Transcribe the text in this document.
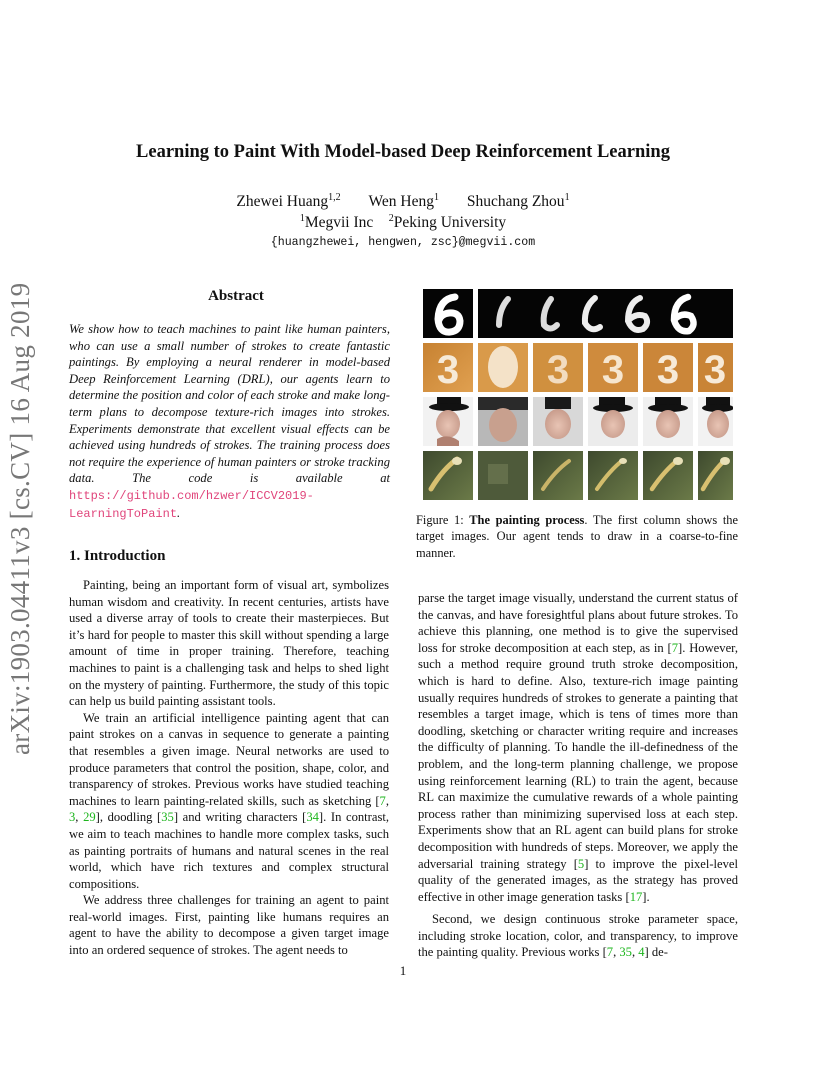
arXiv:1903.04411v3 [cs.CV] 16 Aug 2019
Learning to Paint With Model-based Deep Reinforcement Learning
Zhewei Huang$^{1,2}$ Wen Heng$^1$ Shuchang Zhou$^1$
$^1$Megvii Inc $^2$Peking University
{huangzhewei, hengwen, zsc}@megvii.com
Abstract
We show how to teach machines to paint like human painters, who can use a small number of strokes to create fantastic paintings. By employing a neural renderer in model-based Deep Reinforcement Learning (DRL), our agents learn to determine the position and color of each stroke and make long-term plans to decompose texture-rich images into strokes. Experiments demonstrate that excellent visual effects can be achieved using hundreds of strokes. The training process does not require the experience of human painters or stroke tracking data. The code is available at https://github.com/hzwer/ICCV2019-LearningToPaint.
1. Introduction

Painting, being an important form of visual art, symbolizes human wisdom and creativity. In recent centuries, artists have used a diverse array of tools to create their masterpieces. But it’s hard for people to master this skill without spending a large amount of time in proper training. Therefore, teaching machines to paint is a challenging task and helps to shed light on the mystery of painting. Furthermore, the study of this topic can help us build painting assistant tools.

We train an artificial intelligence painting agent that can paint strokes on a canvas in sequence to generate a painting that resembles a given image. Neural networks are used to produce parameters that control the position, shape, color, and transparency of strokes. Previous works have studied teaching machines to learn painting-related skills, such as sketching [7, 3, 29], doodling [35] and writing characters [34]. In contrast, we aim to teach machines to handle more complex tasks, such as painting portraits of humans and natural scenes in the real world, which have rich textures and complex structural compositions.

We address three challenges for training an agent to paint real-world images. First, painting like humans requires an agent to have the ability to decompose a given target image into an ordered sequence of strokes. The agent needs to

3 3 3 3 3
Figure 1: The painting process. The first column shows the target images. Our agent tends to draw in a coarse-to-fine manner.

parse the target image visually, understand the current status of the canvas, and have foresightful plans about future strokes. To achieve this planning, one method is to give the supervised loss for stroke decomposition at each step, as in [7]. However, such a method require ground truth stroke decomposition, which is hard to define. Also, texture-rich image painting usually requires hundreds of strokes to generate a painting that resembles a target image, which is tens of times more than doodling, sketching or character writing require and increases the difficulty of planning. To handle the ill-definedness of the problem, and the long-term planning challenge, we propose using reinforcement learning (RL) to train the agent, because RL can maximize the cumulative rewards of a whole painting process rather than minimizing supervised loss at each step. Experiments show that an RL agent can build plans for stroke decomposition with hundreds of steps. Moreover, we apply the adversarial training strategy [5] to improve the pixel-level quality of the generated images, as the strategy has proved effective in other image generation tasks [17].

Second, we design continuous stroke parameter space, including stroke location, color, and transparency, to improve the painting quality. Previous works [7, 35, 4] de-

1
